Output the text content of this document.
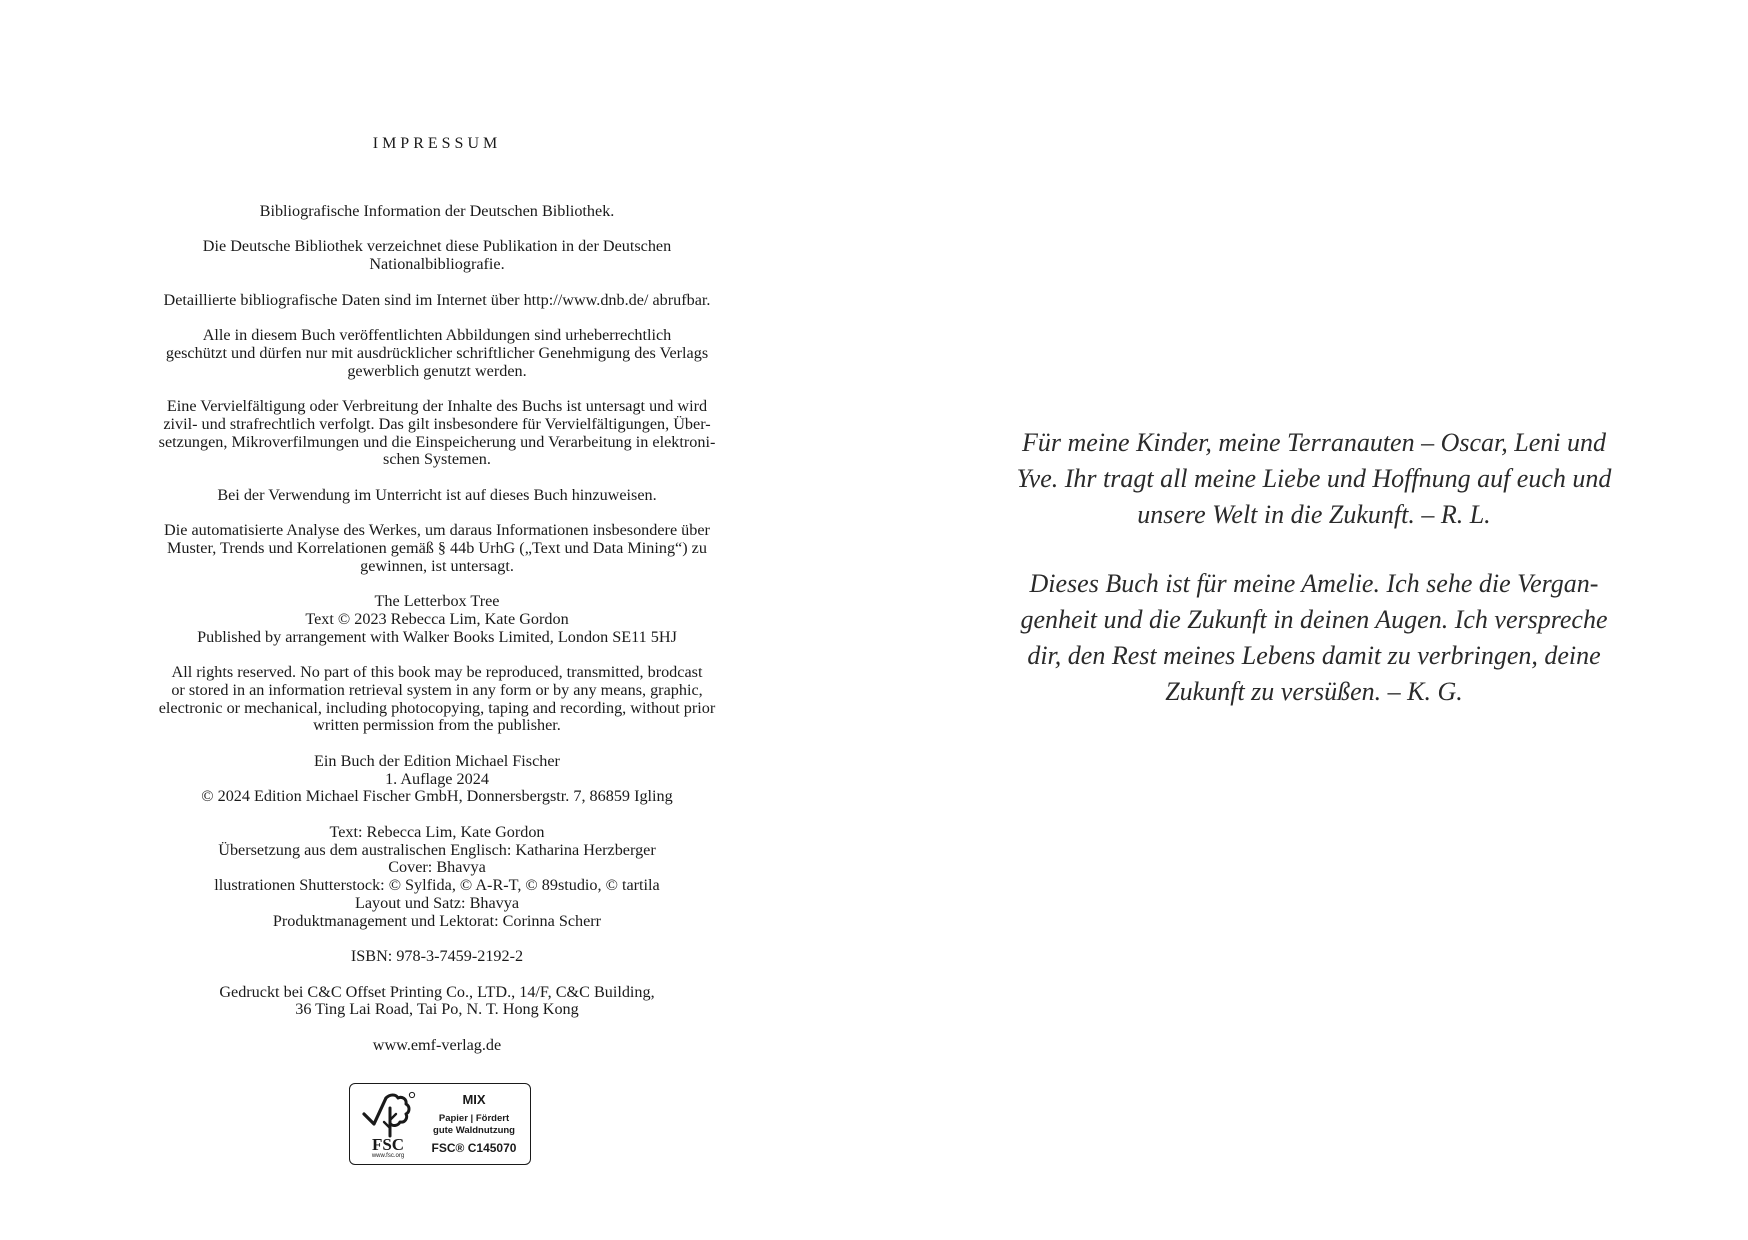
IMPRESSUM

Bibliografische Information der Deutschen Bibliothek.

Die Deutsche Bibliothek verzeichnet diese Publikation in der Deutschen
Nationalbibliografie.

Detaillierte bibliografische Daten sind im Internet über http://www.dnb.de/ abrufbar.

Alle in diesem Buch veröffentlichten Abbildungen sind urheberrechtlich
geschützt und dürfen nur mit ausdrücklicher schriftlicher Genehmigung des Verlags
gewerblich genutzt werden.

Eine Vervielfältigung oder Verbreitung der Inhalte des Buchs ist untersagt und wird
zivil- und strafrechtlich verfolgt. Das gilt insbesondere für Vervielfältigungen, Über-
setzungen, Mikroverfilmungen und die Einspeicherung und Verarbeitung in elektroni-
schen Systemen.

Bei der Verwendung im Unterricht ist auf dieses Buch hinzuweisen.

Die automatisierte Analyse des Werkes, um daraus Informationen insbesondere über
Muster, Trends und Korrelationen gemäß § 44b UrhG („Text und Data Mining“) zu
gewinnen, ist untersagt.

The Letterbox Tree
Text © 2023 Rebecca Lim, Kate Gordon
Published by arrangement with Walker Books Limited, London SE11 5HJ

All rights reserved. No part of this book may be reproduced, transmitted, brodcast
or stored in an information retrieval system in any form or by any means, graphic,
electronic or mechanical, including photocopying, taping and recording, without prior
written permission from the publisher.

Ein Buch der Edition Michael Fischer
1. Auflage 2024
© 2024 Edition Michael Fischer GmbH, Donnersbergstr. 7, 86859 Igling

Text: Rebecca Lim, Kate Gordon
Übersetzung aus dem australischen Englisch: Katharina Herzberger
Cover: Bhavya
llustrationen Shutterstock: © Sylfida, © A-R-T, © 89studio, © tartila
Layout und Satz: Bhavya
Produktmanagement und Lektorat: Corinna Scherr

ISBN: 978-3-7459-2192-2

Gedruckt bei C&C Offset Printing Co., LTD., 14/F, C&C Building,
36 Ting Lai Road, Tai Po, N. T. Hong Kong

www.emf-verlag.de

FSC
www.fsc.org
MIX
Papier | Fördert
gute Waldnutzung
FSC® C145070
Für meine Kinder, meine Terranauten – Oscar, Leni und
Yve. Ihr tragt all meine Liebe und Hoffnung auf euch und
unsere Welt in die Zukunft. – R. L.
Dieses Buch ist für meine Amelie. Ich sehe die Vergan-
genheit und die Zukunft in deinen Augen. Ich verspreche
dir, den Rest meines Lebens damit zu verbringen, deine
Zukunft zu versüßen. – K. G.
